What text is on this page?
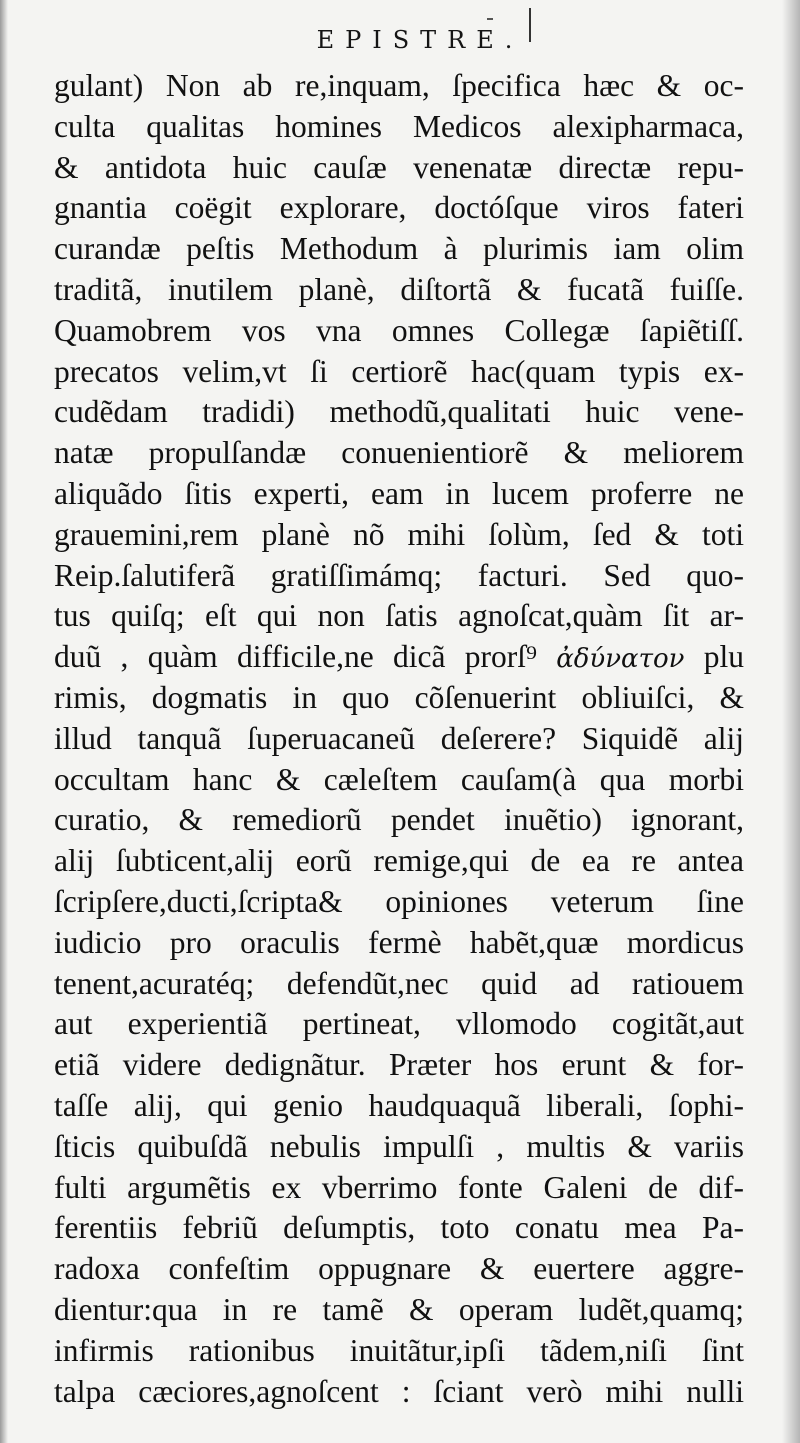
EPISTRE.
gulant) Non ab re,inquam, ſpecifica hæc & oc-
culta qualitas homines Medicos alexipharmaca,
& antidota huic cauſæ venenatæ directæ repu-
gnantia coëgit explorare, doctóſque viros fateri
curandæ peſtis Methodum à plurimis iam olim
traditã, inutilem planè, diſtortã & fucatã fuiſſe.
Quamobrem vos vna omnes Collegæ ſapiẽtiſſ.
precatos velim,vt ſi certiorẽ hac(quam typis ex-
cudẽdam tradidi) methodũ,qualitati huic vene-
natæ propulſandæ conuenientiorẽ & meliorem
aliquãdo ſitis experti, eam in lucem proferre ne
grauemini,rem planè nõ mihi ſolùm, ſed & toti
Reip.ſalutiferã gratiſſimámq; facturi. Sed quo-
tus quiſq; eſt qui non ſatis agnoſcat,quàm ſit ar-
duũ , quàm difficile,ne dicã prorſ⁹ ἀδύνατον plu
rimis, dogmatis in quo cõſenuerint obliuiſci, &
illud tanquã ſuperuacaneũ deſerere? Siquidẽ alij
occultam hanc & cæleſtem cauſam(à qua morbi
curatio, & remediorũ pendet inuẽtio) ignorant,
alij ſubticent,alij eorũ remige,qui de ea re antea
ſcripſere,ducti,ſcripta& opiniones veterum ſine
iudicio pro oraculis fermè habẽt,quæ mordicus
tenent,acuratéq; defendũt,nec quid ad ratiouem
aut experientiã pertineat, vllomodo cogitãt,aut
etiã videre dedignãtur. Præter hos erunt & for-
taſſe alij, qui genio haudquaquã liberali, ſophi-
ſticis quibuſdã nebulis impulſi , multis & variis
fulti argumẽtis ex vberrimo fonte Galeni de dif-
ferentiis febriũ deſumptis, toto conatu mea Pa-
radoxa confeſtim oppugnare & euertere aggre-
dientur:qua in re tamẽ & operam ludẽt,quamq;
infirmis rationibus inuitãtur,ipſi tãdem,niſi ſint
talpa cæciores,agnoſcent : ſciant verò mihi nulli
